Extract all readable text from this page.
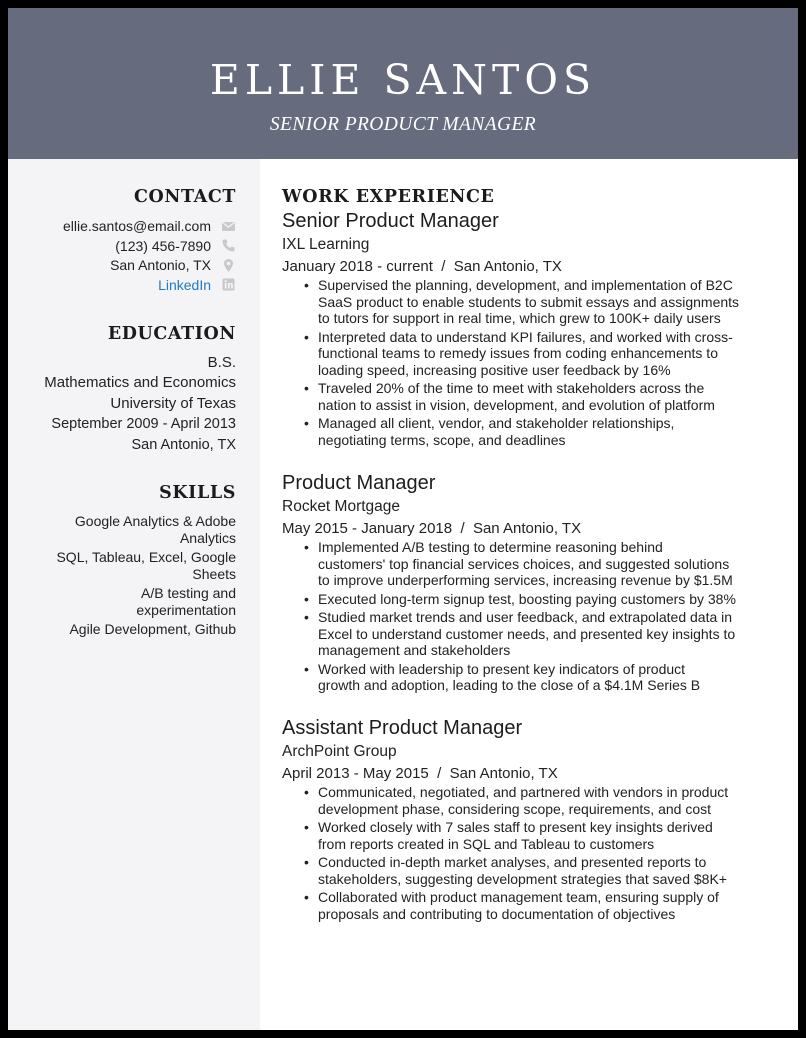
ELLIE SANTOS
SENIOR PRODUCT MANAGER
CONTACT
ellie.santos@email.com
(123) 456-7890
San Antonio, TX
LinkedIn
EDUCATION
B.S.
Mathematics and Economics
University of Texas
September 2009 - April 2013
San Antonio, TX
SKILLS
Google Analytics & Adobe
Analytics
SQL, Tableau, Excel, Google
Sheets
A/B testing and
experimentation
Agile Development, Github
WORK EXPERIENCE
Senior Product Manager
IXL Learning
January 2018 - current  /  San Antonio, TX
• Supervised the planning, development, and implementation of B2C
SaaS product to enable students to submit essays and assignments
to tutors for support in real time, which grew to 100K+ daily users
• Interpreted data to understand KPI failures, and worked with cross-
functional teams to remedy issues from coding enhancements to
loading speed, increasing positive user feedback by 16%
• Traveled 20% of the time to meet with stakeholders across the
nation to assist in vision, development, and evolution of platform
• Managed all client, vendor, and stakeholder relationships,
negotiating terms, scope, and deadlines
Product Manager
Rocket Mortgage
May 2015 - January 2018  /  San Antonio, TX
• Implemented A/B testing to determine reasoning behind
customers' top financial services choices, and suggested solutions
to improve underperforming services, increasing revenue by $1.5M
• Executed long-term signup test, boosting paying customers by 38%
• Studied market trends and user feedback, and extrapolated data in
Excel to understand customer needs, and presented key insights to
management and stakeholders
• Worked with leadership to present key indicators of product
growth and adoption, leading to the close of a $4.1M Series B
Assistant Product Manager
ArchPoint Group
April 2013 - May 2015  /  San Antonio, TX
• Communicated, negotiated, and partnered with vendors in product
development phase, considering scope, requirements, and cost
• Worked closely with 7 sales staff to present key insights derived
from reports created in SQL and Tableau to customers
• Conducted in-depth market analyses, and presented reports to
stakeholders, suggesting development strategies that saved $8K+
• Collaborated with product management team, ensuring supply of
proposals and contributing to documentation of objectives
